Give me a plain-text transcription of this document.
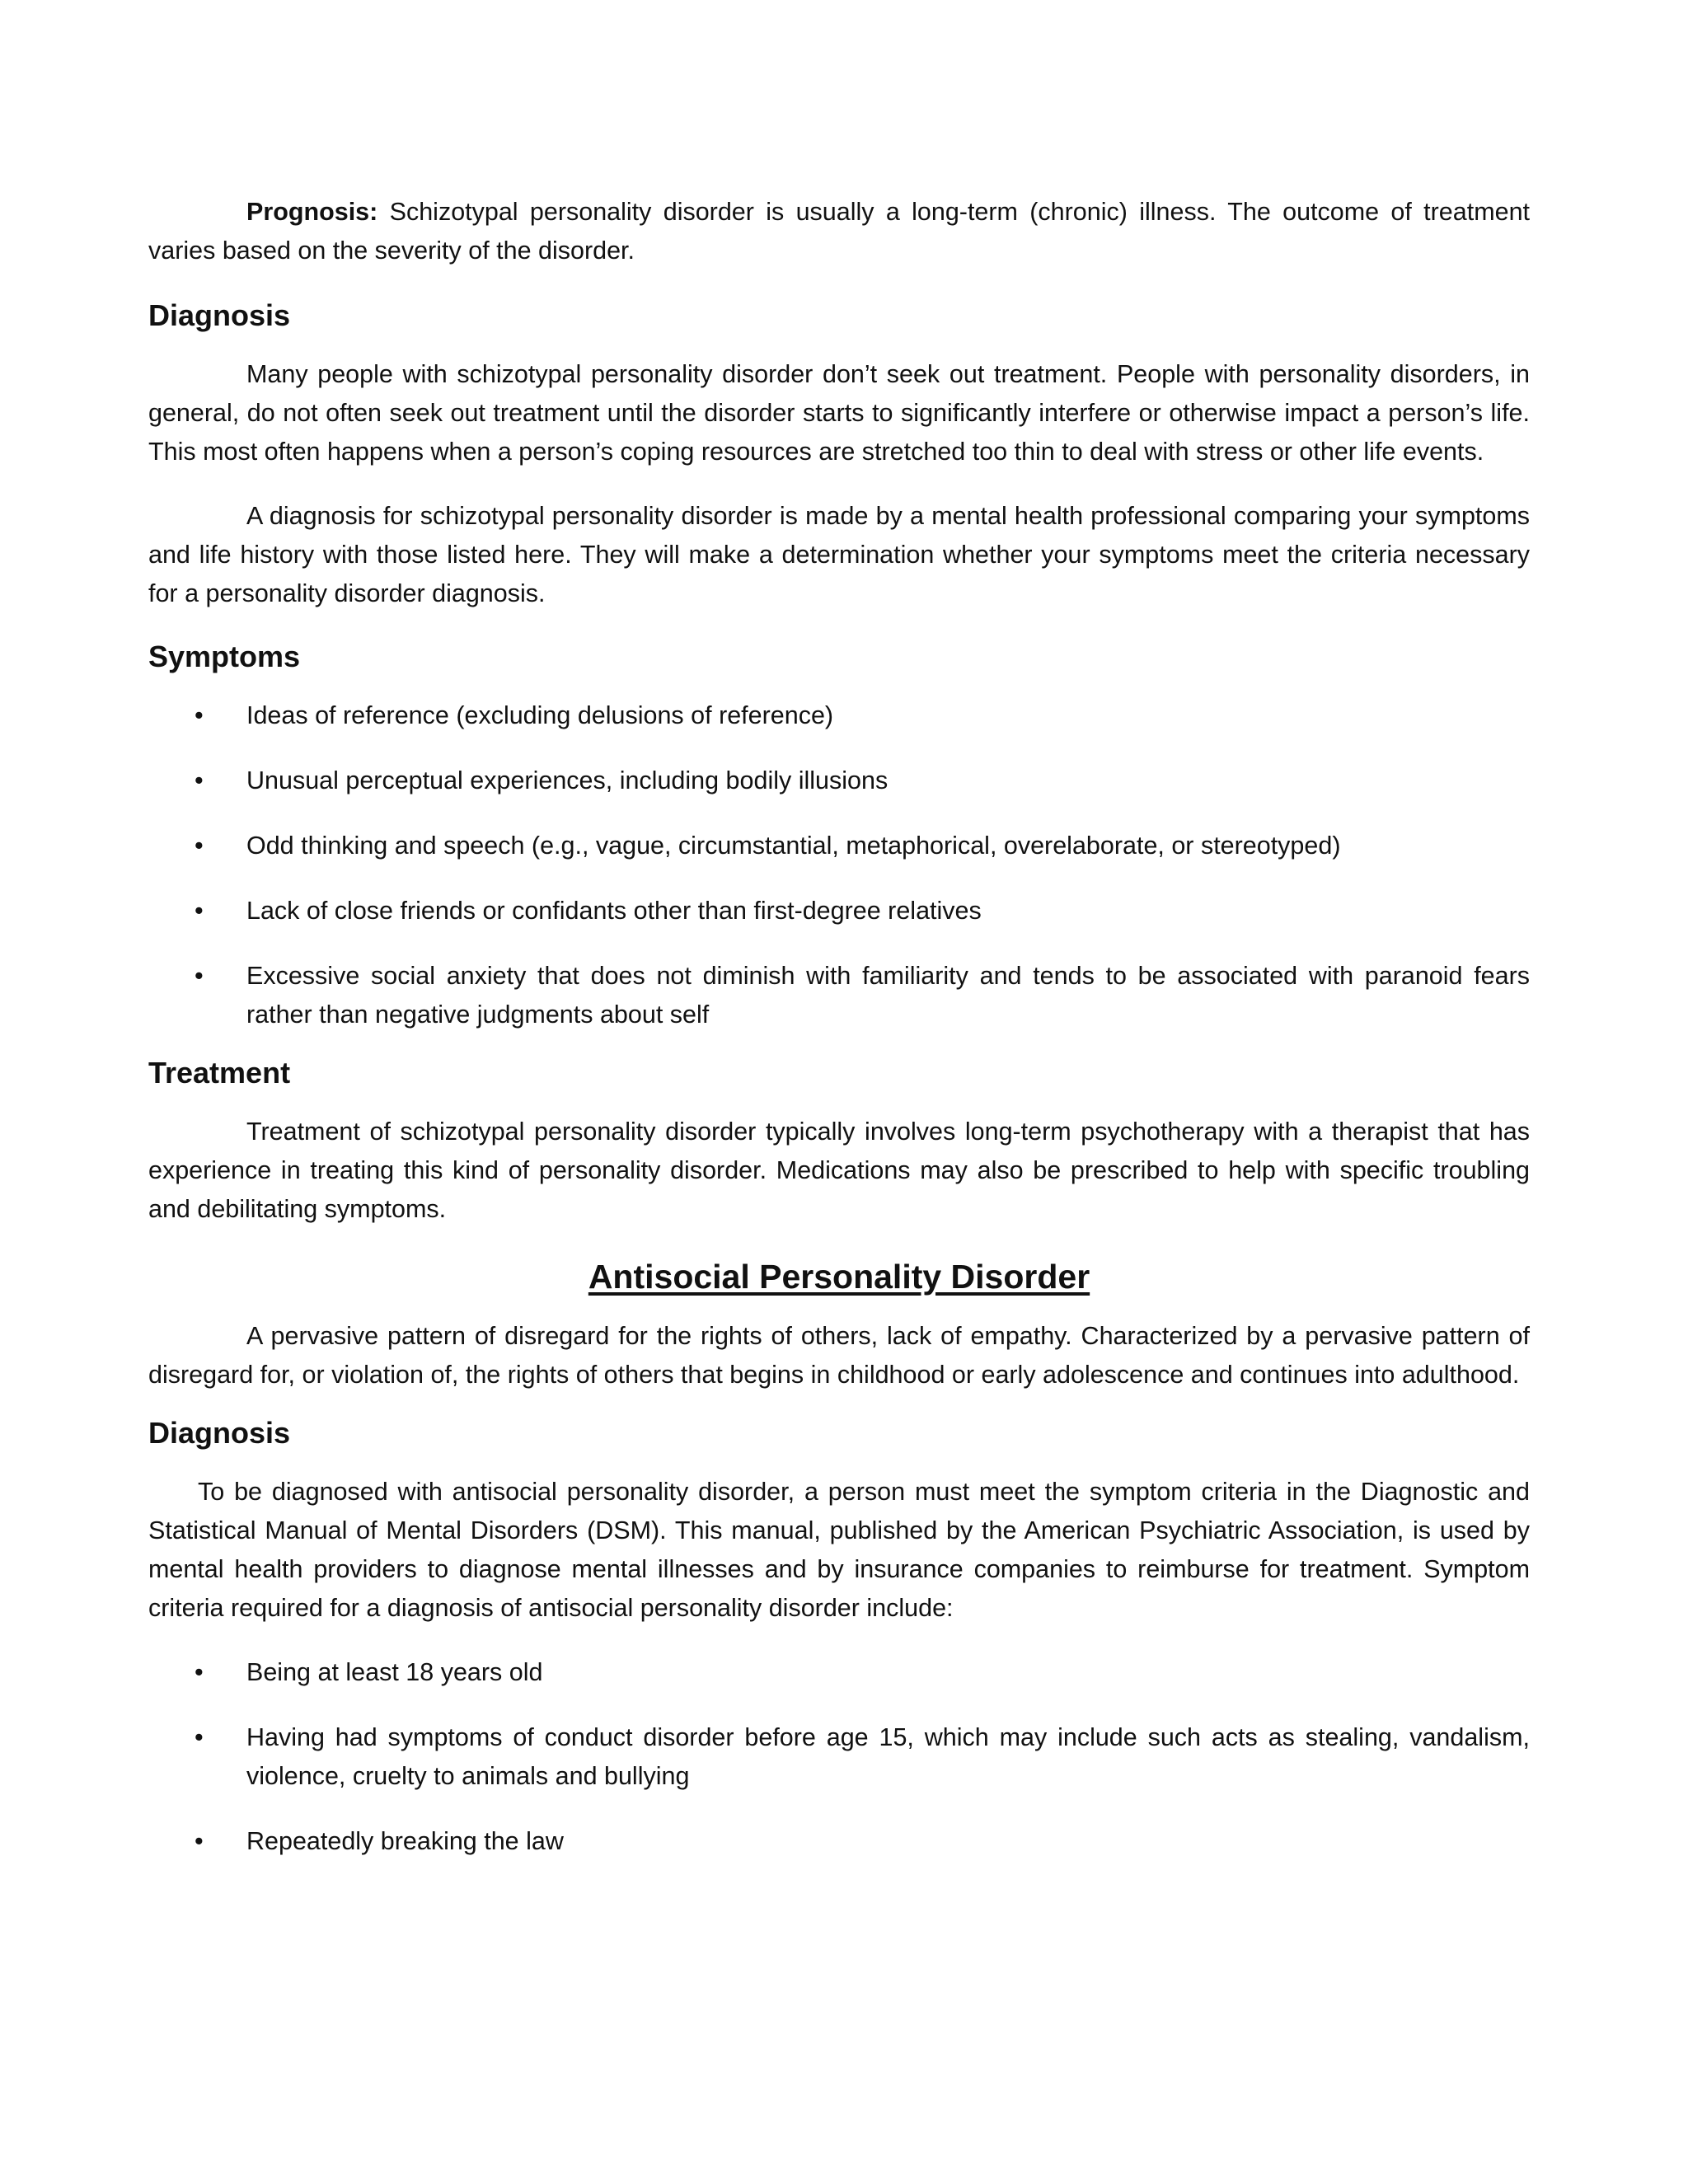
Prognosis: Schizotypal personality disorder is usually a long-term (chronic) illness. The outcome of treatment varies based on the severity of the disorder.

Diagnosis

Many people with schizotypal personality disorder don’t seek out treatment. People with personality disorders, in general, do not often seek out treatment until the disorder starts to significantly interfere or otherwise impact a person’s life. This most often happens when a person’s coping resources are stretched too thin to deal with stress or other life events.

A diagnosis for schizotypal personality disorder is made by a mental health professional comparing your symptoms and life history with those listed here. They will make a determination whether your symptoms meet the criteria necessary for a personality disorder diagnosis.

Symptoms
• Ideas of reference (excluding delusions of reference)
• Unusual perceptual experiences, including bodily illusions
• Odd thinking and speech (e.g., vague, circumstantial, metaphorical, overelaborate, or stereotyped)
• Lack of close friends or confidants other than first-degree relatives
• Excessive social anxiety that does not diminish with familiarity and tends to be associated with paranoid fears rather than negative judgments about self
Treatment

Treatment of schizotypal personality disorder typically involves long-term psychotherapy with a therapist that has experience in treating this kind of personality disorder. Medications may also be prescribed to help with specific troubling and debilitating symptoms.

Antisocial Personality Disorder

A pervasive pattern of disregard for the rights of others, lack of empathy. Characterized by a pervasive pattern of disregard for, or violation of, the rights of others that begins in childhood or early adolescence and continues into adulthood.

Diagnosis

To be diagnosed with antisocial personality disorder, a person must meet the symptom criteria in the Diagnostic and Statistical Manual of Mental Disorders (DSM). This manual, published by the American Psychiatric Association, is used by mental health providers to diagnose mental illnesses and by insurance companies to reimburse for treatment. Symptom criteria required for a diagnosis of antisocial personality disorder include:

• Being at least 18 years old
• Having had symptoms of conduct disorder before age 15, which may include such acts as stealing, vandalism, violence, cruelty to animals and bullying
• Repeatedly breaking the law
